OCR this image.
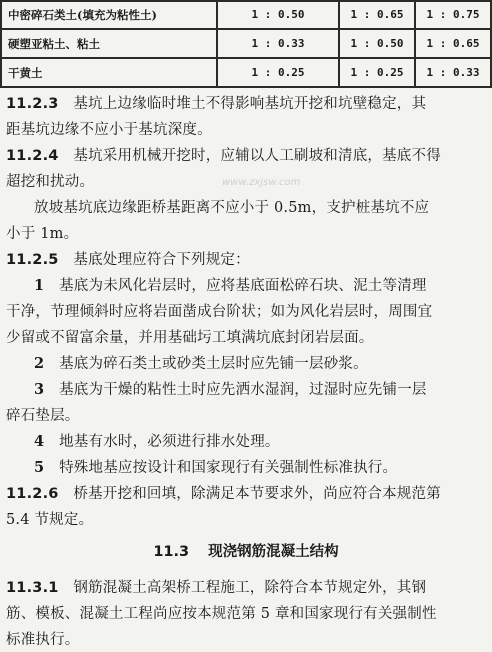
中密碎石类土(填充为粘性土)	1 : 0.50	1 : 0.65	1 : 0.75
硬塑亚粘土、粘土	1 : 0.33	1 : 0.50	1 : 0.65
干黄土	1 : 0.25	1 : 0.25	1 : 0.33
11.2.3 基坑上边缘临时堆土不得影响基坑开挖和坑壁稳定，其
距基坑边缘不应小于基坑深度。
11.2.4 基坑采用机械开挖时，应辅以人工刷坡和清底，基底不得
超挖和扰动。	www.zxjsw.com
放坡基坑底边缘距桥基距离不应小于 0.5m，支护桩基坑不应
小于 1m。
11.2.5 基底处理应符合下列规定：
1 基底为未风化岩层时，应将基底面松碎石块、泥土等清理
干净，节理倾斜时应将岩面凿成台阶状；如为风化岩层时，周围宜
少留或不留富余量，并用基础圬工填满坑底封闭岩层面。
2 基底为碎石类土或砂类土层时应先铺一层砂浆。
3 基底为干燥的粘性土时应先洒水湿润，过湿时应先铺一层
碎石垫层。
4 地基有水时，必须进行排水处理。
5 特殊地基应按设计和国家现行有关强制性标准执行。
11.2.6 桥基开挖和回填，除满足本节要求外，尚应符合本规范第
5.4 节规定。
11.3 现浇钢筋混凝土结构
11.3.1 钢筋混凝土高架桥工程施工，除符合本节规定外，其钢
筋、模板、混凝土工程尚应按本规范第 5 章和国家现行有关强制性
标准执行。
